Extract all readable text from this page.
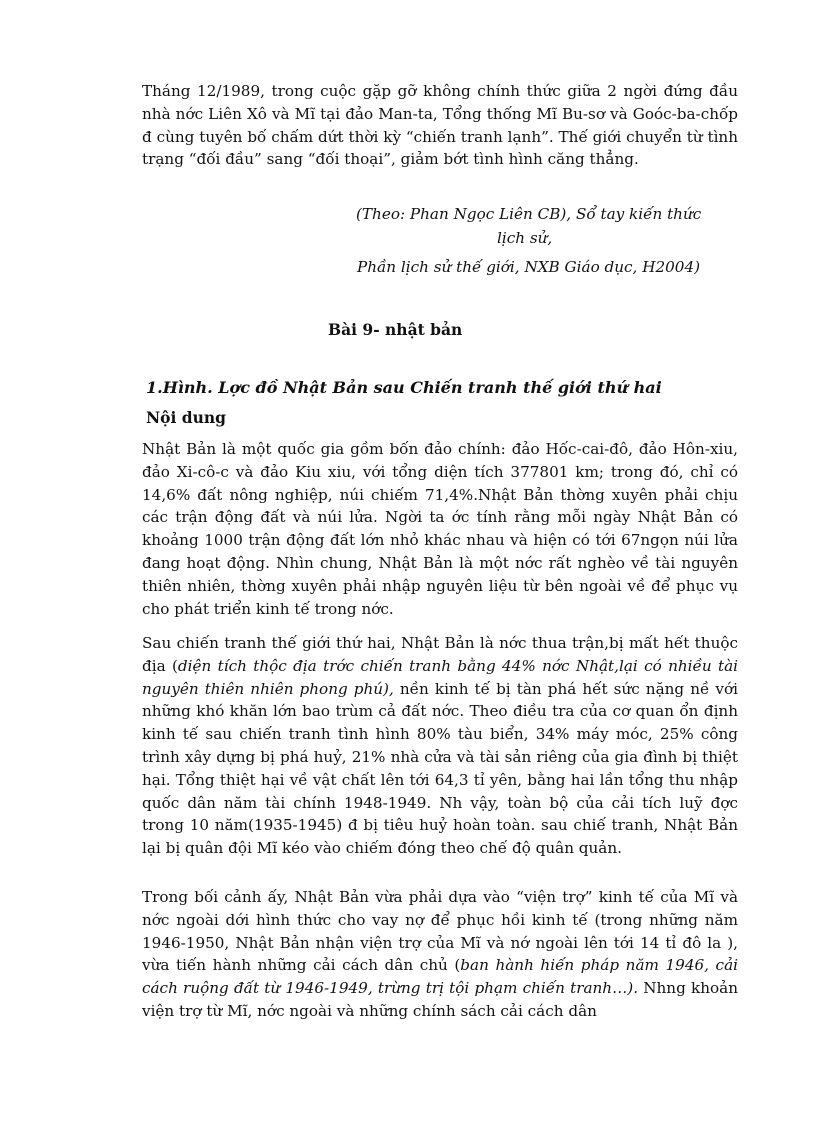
Tháng 12/1989, trong cuộc gặp gỡ không chính thức giữa 2 ngời đứng đầu nhà nớc Liên Xô và Mĩ tại đảo Man-ta, Tổng thống Mĩ Bu-sơ và Goóc-ba-chốp đ cùng tuyên bố chấm dứt thời kỳ “chiến tranh lạnh”. Thế giới chuyển từ tình trạng “đối đầu” sang “đối thoại”, giảm bớt tình hình căng thẳng.

(Theo: Phan Ngọc Liên CB), Sổ tay kiến thức

lịch sử,

Phần lịch sử thế giới, NXB Giáo dục, H2004)

Bài 9- nhật bản
1.Hình. Lợc đồ Nhật Bản sau Chiến tranh thế giới thứ hai
Nội dung

Nhật Bản là một quốc gia gồm bốn đảo chính: đảo Hốc-cai-đô, đảo Hôn-xiu, đảo Xi-cô-c và đảo Kiu xiu, với tổng diện tích 377801 km; trong đó, chỉ có 14,6% đất nông nghiệp, núi chiếm 71,4%.Nhật Bản thờng xuyên phải chịu các trận động đất và núi lửa. Ngời ta ớc tính rằng mỗi ngày Nhật Bản có khoảng 1000 trận động đất lớn nhỏ khác nhau và hiện có tới 67ngọn núi lửa đang hoạt động. Nhìn chung, Nhật Bản là một nớc rất nghèo về tài nguyên thiên nhiên, thờng xuyên phải nhập nguyên liệu từ bên ngoài về để phục vụ cho phát triển kinh tế trong nớc.

Sau chiến tranh thế giới thứ hai, Nhật Bản là nớc thua trận,bị mất hết thuộc địa (diện tích thộc địa trớc chiến tranh bằng 44% nớc Nhật,lại có nhiều tài nguyên thiên nhiên phong phú), nền kinh tế bị tàn phá hết sức nặng nề với những khó khăn lớn bao trùm cả đất nớc. Theo điều tra của cơ quan ổn định kinh tế sau chiến tranh tình hình 80% tàu biển, 34% máy móc, 25% công trình xây dựng bị phá huỷ, 21% nhà cửa và tài sản riêng của gia đình bị thiệt hại. Tổng thiệt hại về vật chất lên tới 64,3 tỉ yên, bằng hai lần tổng thu nhập quốc dân năm tài chính 1948-1949. Nh vậy, toàn bộ của cải tích luỹ đợc trong 10 năm(1935-1945) đ bị tiêu huỷ hoàn toàn. sau chiế tranh, Nhật Bản lại bị quân đội Mĩ kéo vào chiếm đóng theo chế độ quân quản.

Trong bối cảnh ấy, Nhật Bản vừa phải dựa vào “viện trợ” kinh tế của Mĩ và nớc ngoài dới hình thức cho vay nợ để phục hồi kinh tế (trong những năm 1946-1950, Nhật Bản nhận viện trợ của Mĩ và nớ ngoài lên tới 14 tỉ đô la ), vừa tiến hành những cải cách dân chủ (ban hành hiến pháp năm 1946, cải cách ruộng đất từ 1946-1949, trừng trị tội phạm chiến tranh…). Nhng khoản viện trợ từ Mĩ, nớc ngoài và những chính sách cải cách dân
